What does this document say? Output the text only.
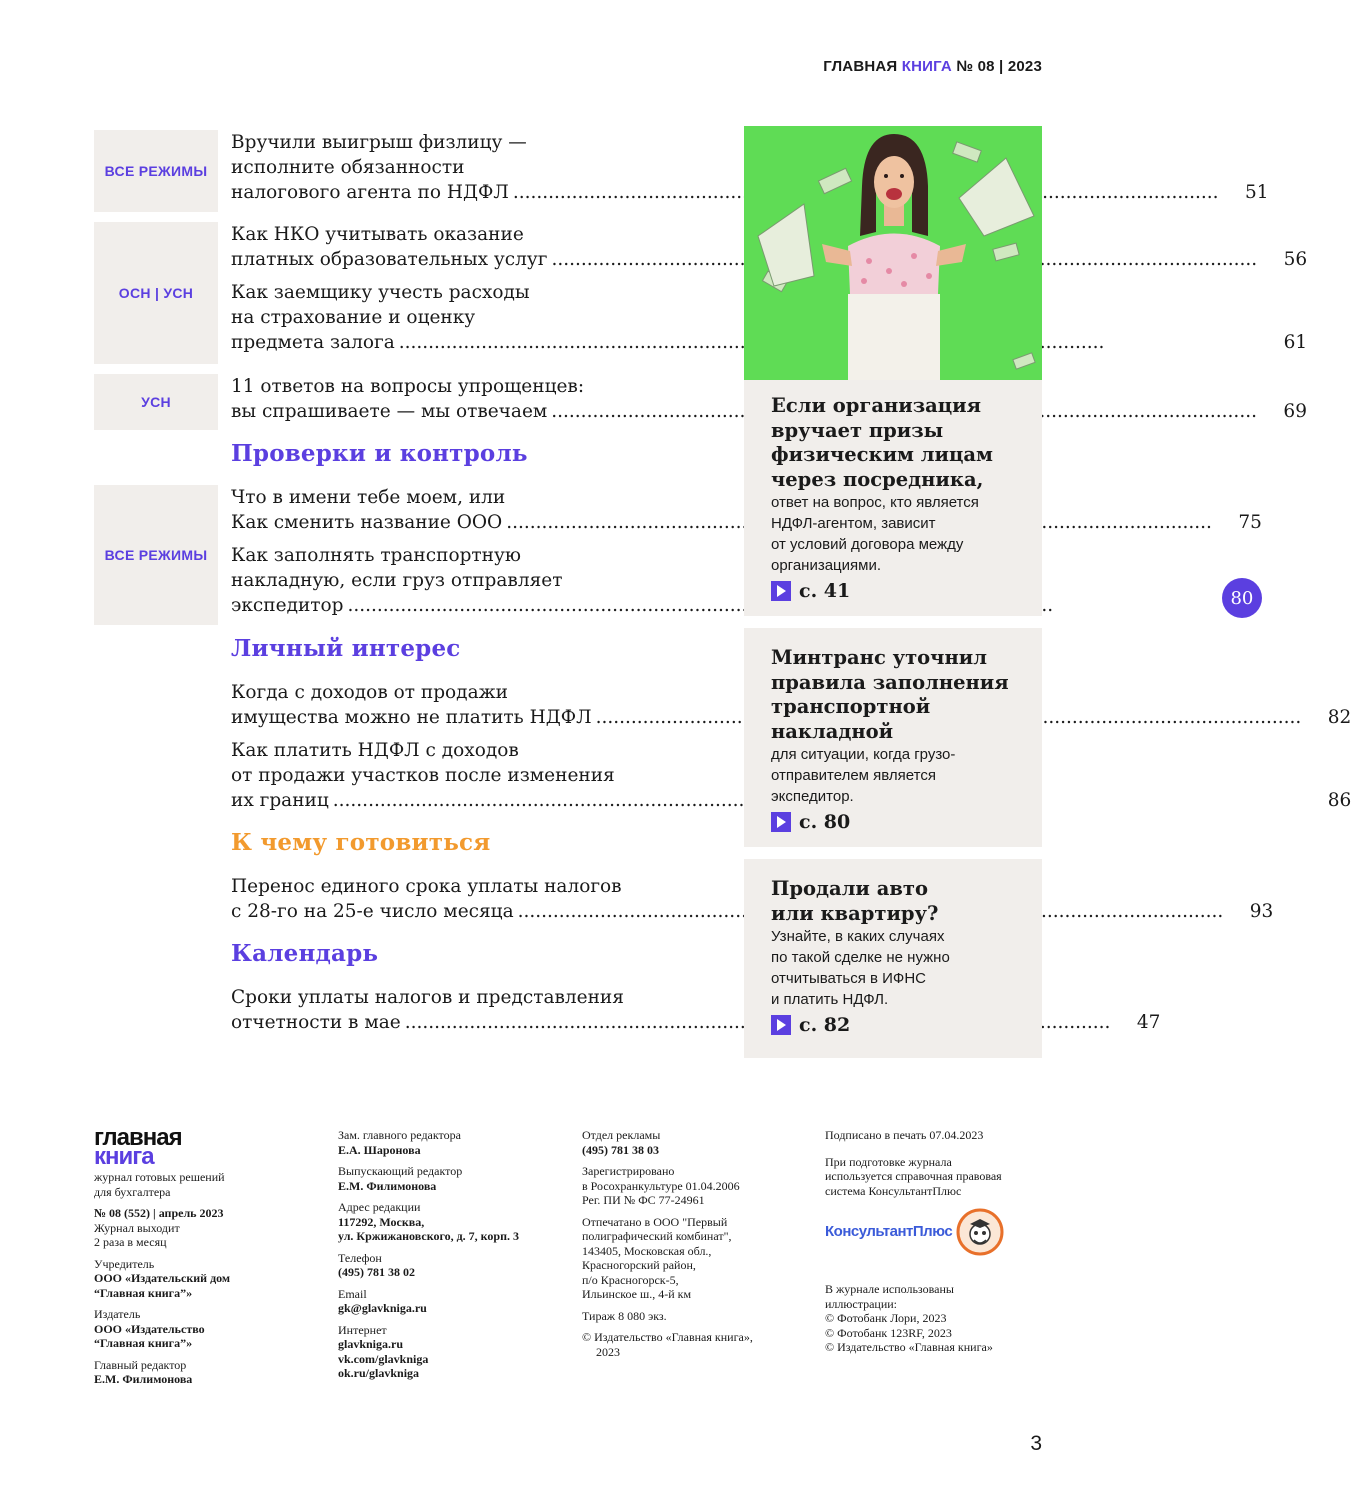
ГЛАВНАЯ КНИГА № 08 | 2023
ВСЕ РЕЖИМЫ
Вручили выигрыш физлицу —
исполните обязанности
налогового агента по НДФЛ .....	51
ОСН | УСН
Как НКО учитывать оказание
платных образовательных услуг .....	56
Как заемщику учесть расходы
на страхование и оценку
предмета залога .....	61
УСН
11 ответов на вопросы упрощенцев:
вы спрашиваете — мы отвечаем .....	69
Проверки и контроль
ВСЕ РЕЖИМЫ
Что в имени тебе моем, или
Как сменить название ООО .....	75
Как заполнять транспортную
накладную, если груз отправляет
экспедитор .....	80
Личный интерес
Когда с доходов от продажи
имущества можно не платить НДФЛ .....	82
Как платить НДФЛ с доходов
от продажи участков после изменения
их границ .....	86
К чему готовиться
Перенос единого срока уплаты налогов
с 28-го на 25-е число месяца .....	93
Календарь
Сроки уплаты налогов и представления
отчетности в мае .....	47
Если организация
вручает призы
физическим лицам
через посредника,
ответ на вопрос, кто является
НДФЛ-агентом, зависит
от условий договора между
организациями.
с. 41
Минтранс уточнил
правила заполнения
транспортной
накладной
для ситуации, когда грузо-
отправителем является
экспедитор.
с. 80
Продали авто
или квартиру?
Узнайте, в каких случаях
по такой сделке не нужно
отчитываться в ИФНС
и платить НДФЛ.
с. 82
главная
книга
журнал готовых решений
для бухгалтера
№ 08 (552) | апрель 2023
Журнал выходит
2 раза в месяц
Учредитель
ООО «Издательский дом
“Главная книга”»
Издатель
ООО «Издательство
“Главная книга”»
Главный редактор
Е.М. Филимонова
Зам. главного редактора
Е.А. Шаронова
Выпускающий редактор
Е.М. Филимонова
Адрес редакции
117292, Москва,
ул. Кржижановского, д. 7, корп. 3
Телефон
(495) 781 38 02
Email
gk@glavkniga.ru
Интернет
glavkniga.ru
vk.com/glavkniga
ok.ru/glavkniga
Отдел рекламы
(495) 781 38 03
Зарегистрировано
в Росохранкультуре 01.04.2006
Рег. ПИ № ФС 77-24961
Отпечатано в ООО "Первый
полиграфический комбинат",
143405, Московская обл.,
Красногорский район,
п/о Красногорск-5,
Ильинское ш., 4-й км
Тираж 8 080 экз.
© Издательство «Главная книга»,
2023
Подписано в печать 07.04.2023
При подготовке журнала
используется справочная правовая
система КонсультантПлюс
КонсультантПлюс
В журнале использованы
иллюстрации:
© Фотобанк Лори, 2023
© Фотобанк 123RF, 2023
© Издательство «Главная книга»
3
